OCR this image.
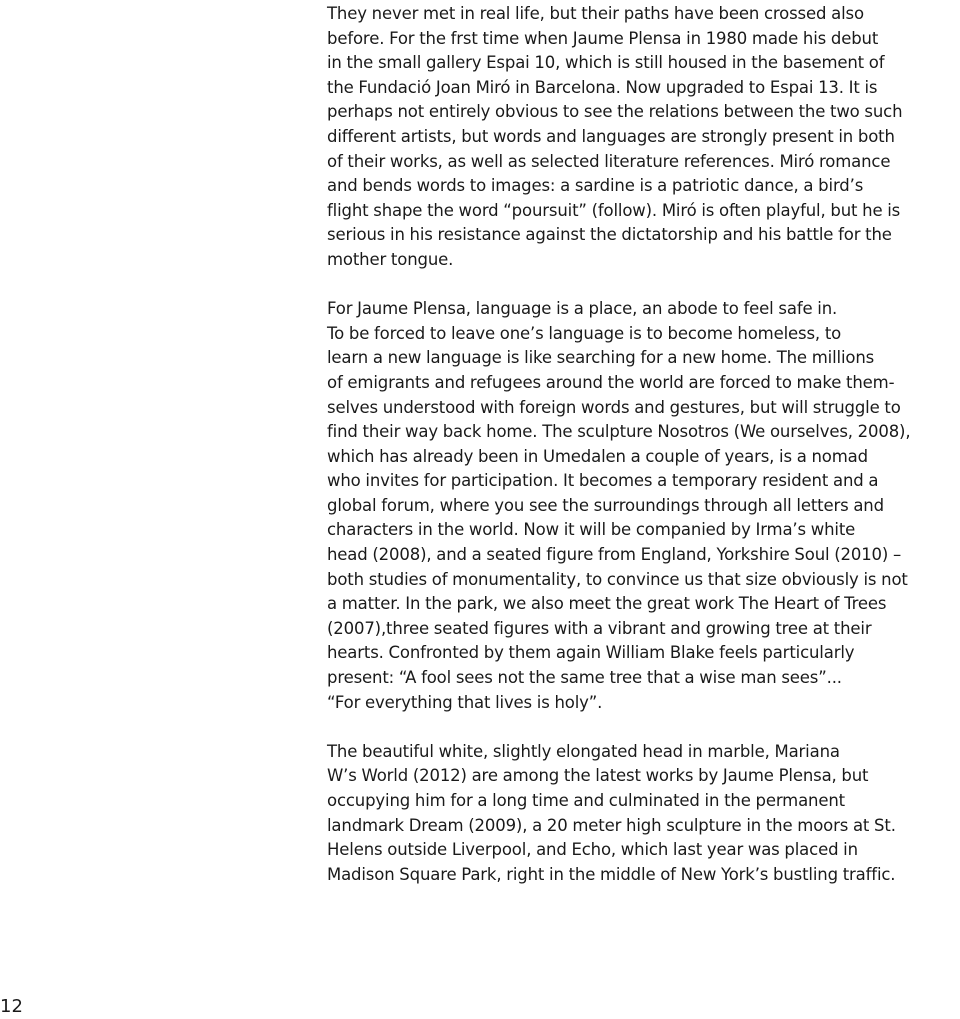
They never met in real life, but their paths have been crossed also
before. For the frst time when Jaume Plensa in 1980 made his debut
in the small gallery Espai 10, which is still housed in the basement of
the Fundació Joan Miró in Barcelona. Now upgraded to Espai 13. It is
perhaps not entirely obvious to see the relations between the two such
different artists, but words and languages are strongly present in both
of their works, as well as selected literature references. Miró romance
and bends words to images: a sardine is a patriotic dance, a bird’s
flight shape the word “poursuit” (follow). Miró is often playful, but he is
serious in his resistance against the dictatorship and his battle for the
mother tongue.

For Jaume Plensa, language is a place, an abode to feel safe in.
To be forced to leave one’s language is to become homeless, to
learn a new language is like searching for a new home. The millions
of emigrants and refugees around the world are forced to make them-
selves understood with foreign words and gestures, but will struggle to
find their way back home. The sculpture Nosotros (We ourselves, 2008),
which has already been in Umedalen a couple of years, is a nomad
who invites for participation. It becomes a temporary resident and a
global forum, where you see the surroundings through all letters and
characters in the world. Now it will be companied by Irma’s white
head (2008), and a seated figure from England, Yorkshire Soul (2010) –
both studies of monumentality, to convince us that size obviously is not
a matter. In the park, we also meet the great work The Heart of Trees
(2007),three seated figures with a vibrant and growing tree at their
hearts. Confronted by them again William Blake feels particularly
present: “A fool sees not the same tree that a wise man sees”...
“For everything that lives is holy”.

The beautiful white, slightly elongated head in marble, Mariana
W’s World (2012) are among the latest works by Jaume Plensa, but
occupying him for a long time and culminated in the permanent
landmark Dream (2009), a 20 meter high sculpture in the moors at St.
Helens outside Liverpool, and Echo, which last year was placed in
Madison Square Park, right in the middle of New York’s bustling traffic.

12
